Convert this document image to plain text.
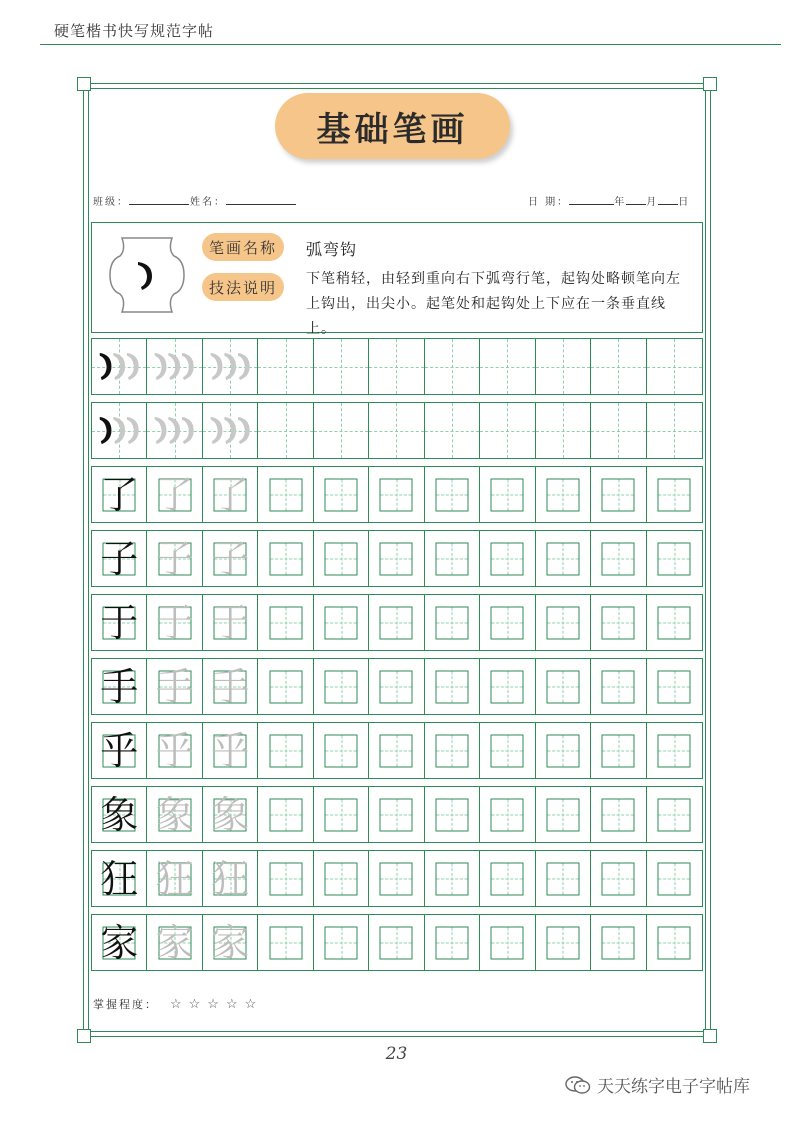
硬笔楷书快写规范字帖
基础笔画
班级：	姓名：	日 期：	年 月 日
笔画名称
技法说明
弧弯钩
下笔稍轻，由轻到重向右下弧弯行笔，起钩处略顿笔向左上钩出，出尖小。起笔处和起钩处上下应在一条垂直线上。
了 了 了
子 子 子
于 于 于
手 手 手
乎 乎 乎
象 象 象
狂 狂 狂
家 家 家
掌握程度： ☆☆☆☆☆
23
天天练字电子字帖库
